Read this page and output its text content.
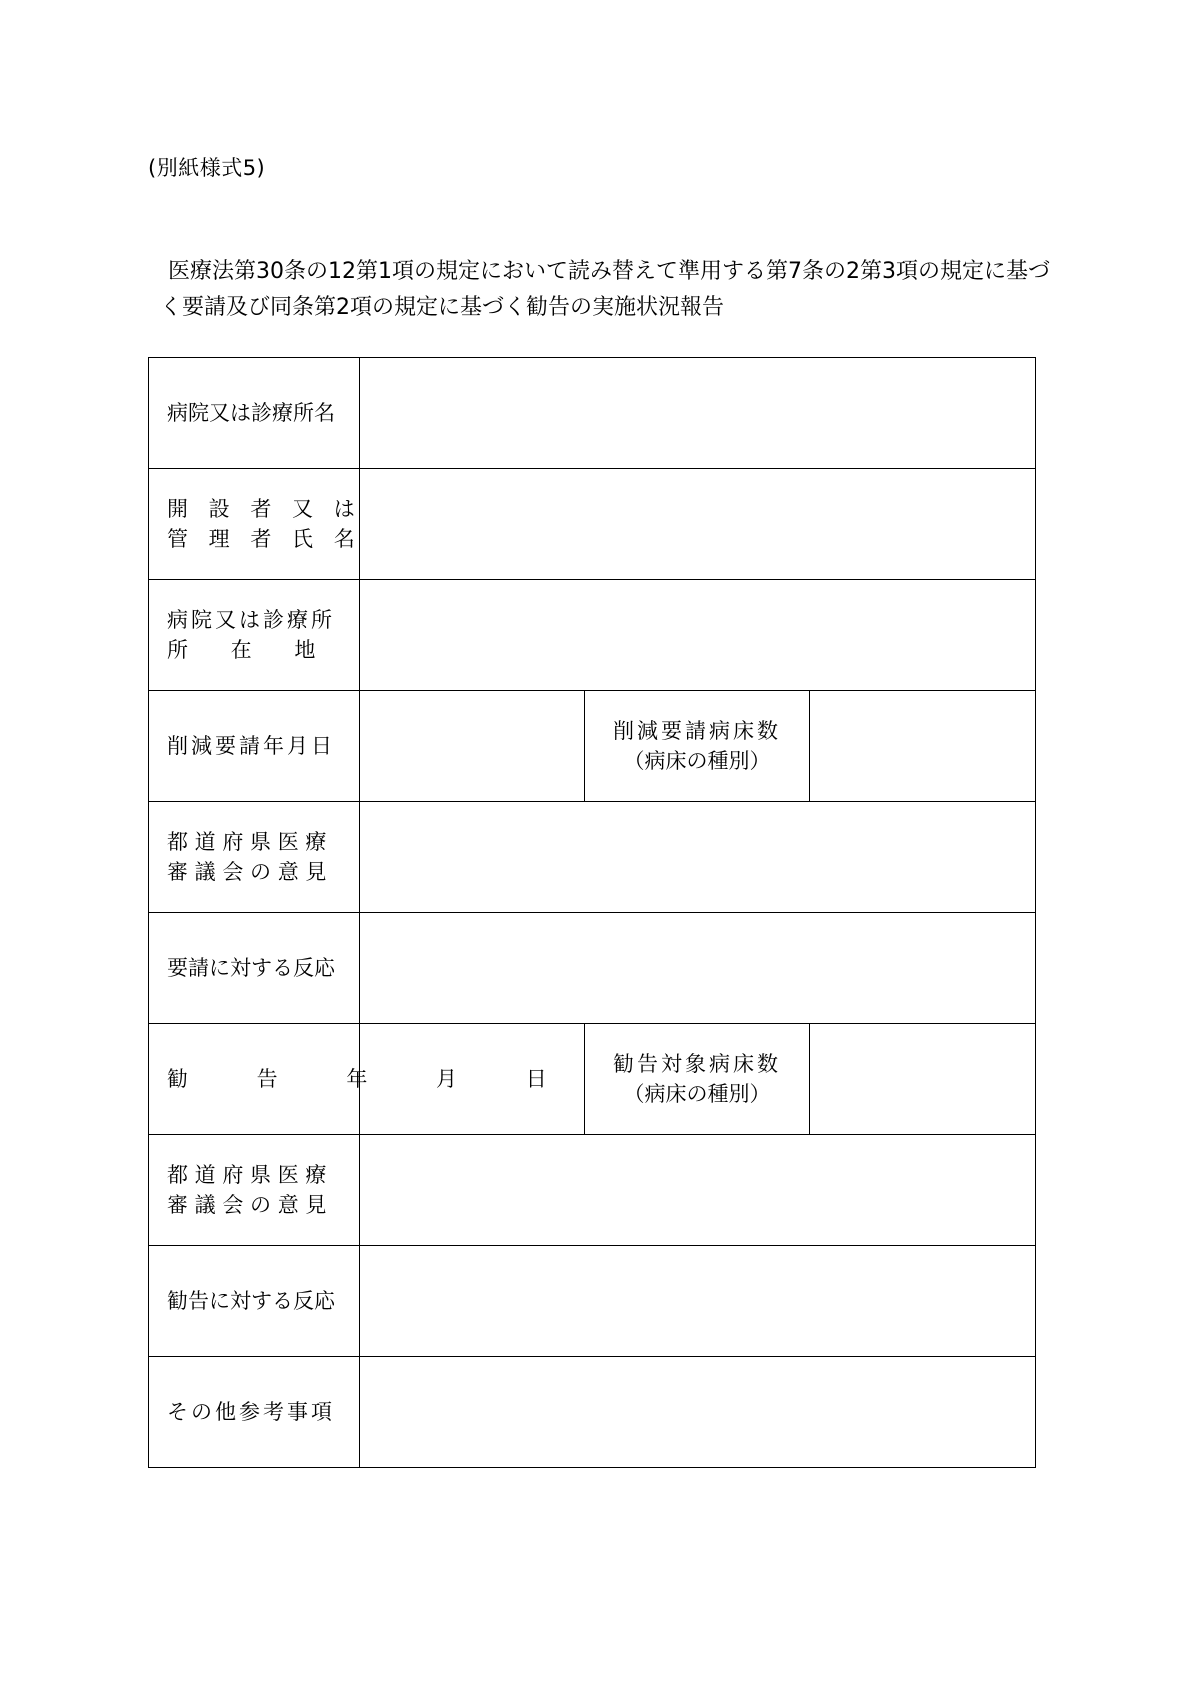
(別紙様式5)
医療法第30条の12第1項の規定において読み替えて準用する第7条の2第3項の規定に基づ
く要請及び同条第2項の規定に基づく勧告の実施状況報告
病院又は診療所名			

開 設 者 又 は
管 理 者 氏 名			

病院又は診療所
所 在 地			

削減要請年月日		削減要請病床数
（病床の種別）	

都 道 府 県 医 療
審 議 会 の 意 見			

要請に対する反応			

勧 告 年 月 日		勧告対象病床数
（病床の種別）	

都 道 府 県 医 療
審 議 会 の 意 見			

勧告に対する反応			

その他参考事項			
